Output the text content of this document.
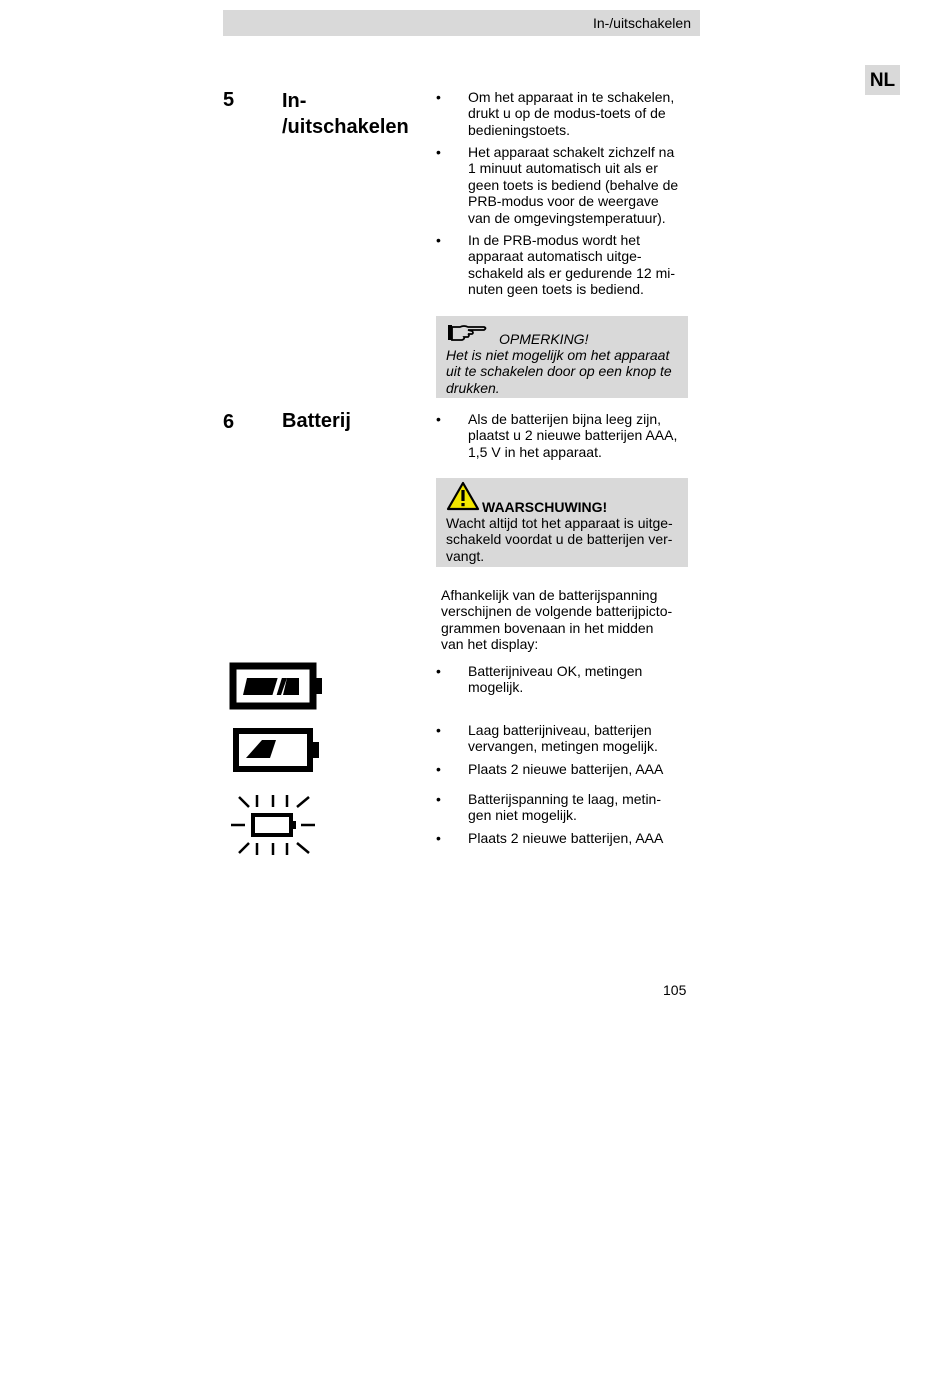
In-/uitschakelen
NL
5 In-
/uitschakelen
• Om het apparaat in te schakelen,
drukt u op de modus-toets of de
bedieningstoets.
• Het apparaat schakelt zichzelf na
1 minuut automatisch uit als er
geen toets is bediend (behalve de
PRB-modus voor de weergave
van de omgevingstemperatuur).
• In de PRB-modus wordt het
apparaat automatisch uitge-
schakeld als er gedurende 12 mi-
nuten geen toets is bediend.
OPMERKING!
Het is niet mogelijk om het apparaat
uit te schakelen door op een knop te
drukken.
6 Batterij	• Als de batterijen bijna leeg zijn,
plaatst u 2 nieuwe batterijen AAA,
1,5 V in het apparaat.
WAARSCHUWING!
Wacht altijd tot het apparaat is uitge-
schakeld voordat u de batterijen ver-
vangt.
Afhankelijk van de batterijspanning
verschijnen de volgende batterijpicto-
grammen bovenaan in het midden
van het display:
• Batterijniveau OK, metingen
mogelijk.
• Laag batterijniveau, batterijen
vervangen, metingen mogelijk.
• Plaats 2 nieuwe batterijen, AAA
• Batterijspanning te laag, metin-
gen niet mogelijk.
• Plaats 2 nieuwe batterijen, AAA
105
